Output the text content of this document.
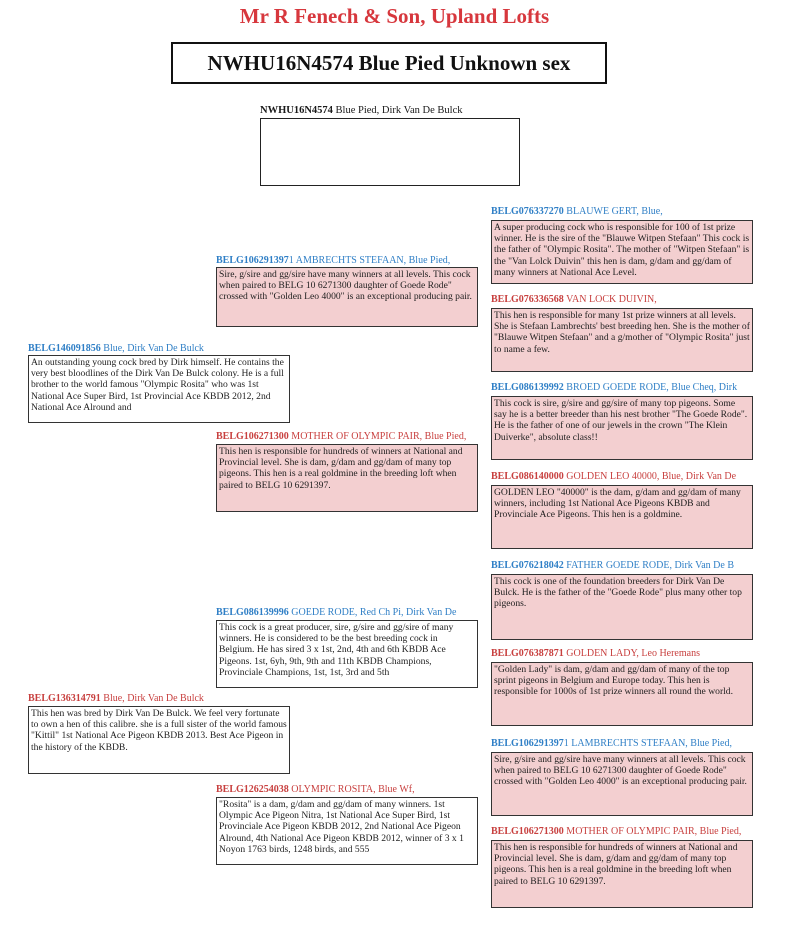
Mr R Fenech & Son, Upland Lofts
NWHU16N4574 Blue Pied Unknown sex
NWHU16N4574 Blue Pied, Dirk Van De Bulck
BELG146091856 Blue, Dirk Van De Bulck
An outstanding young cock bred by Dirk himself. He contains the very best bloodlines of the Dirk Van De Bulck colony. He is a full brother to the world famous "Olympic Rosita" who was 1st National Ace Super Bird, 1st Provincial Ace KBDB 2012, 2nd National Ace Alround and
BELG136314791 Blue, Dirk Van De Bulck
This hen was bred by Dirk Van De Bulck. We feel very fortunate to own a hen of this calibre. she is a full sister of the world famous "Kittil" 1st National Ace Pigeon KBDB 2013. Best Ace Pigeon in the history of the KBDB.
BELG1062913971 AMBRECHTS STEFAAN, Blue Pied,
Sire, g/sire and gg/sire have many winners at all levels. This cock when paired to BELG 10 6271300 daughter of Goede Rode" crossed with "Golden Leo 4000" is an exceptional producing pair.
BELG106271300 MOTHER OF OLYMPIC PAIR, Blue Pied,
This hen is responsible for hundreds of winners at National and Provincial level. She is dam, g/dam and gg/dam of many top pigeons. This hen is a real goldmine in the breeding loft when paired to BELG 10 6291397.
BELG086139996 GOEDE RODE, Red Ch Pi, Dirk Van De
This cock is a great producer, sire, g/sire and gg/sire of many winners. He is considered to be the best breeding cock in Belgium. He has sired 3 x 1st, 2nd, 4th and 6th KBDB Ace Pigeons. 1st, 6yh, 9th, 9th and 11th KBDB Champions, Provinciale Champions, 1st, 1st, 3rd and 5th
BELG126254038 OLYMPIC ROSITA, Blue Wf,
"Rosita" is a dam, g/dam and gg/dam of many winners. 1st Olympic Ace Pigeon Nitra, 1st National Ace Super Bird, 1st Provinciale Ace Pigeon KBDB 2012, 2nd National Ace Pigeon Alround, 4th National Ace Pigeon KBDB 2012, winner of 3 x 1 Noyon 1763 birds, 1248 birds, and 555
BELG076337270 BLAUWE GERT, Blue,
A super producing cock who is responsible for 100 of 1st prize winner. He is the sire of the "Blauwe Witpen Stefaan" This cock is the father of "Olympic Rosita". The mother of "Witpen Stefaan" is the "Van Lolck Duivin" this hen is dam, g/dam and gg/dam of many winners at National Ace Level.
BELG076336568 VAN LOCK DUIVIN,
This hen is responsible for many 1st prize winners at all levels. She is Stefaan Lambrechts' best breeding hen. She is the mother of "Blauwe Witpen Stefaan" and a g/mother of "Olympic Rosita" just to name a few.
BELG086139992 BROED GOEDE RODE, Blue Cheq, Dirk
This cock is sire, g/sire and gg/sire of many top pigeons. Some say he is a better breeder than his nest brother "The Goede Rode". He is the father of one of our jewels in the crown "The Klein Duiverke", absolute class!!
BELG086140000 GOLDEN LEO 40000, Blue, Dirk Van De
GOLDEN LEO "40000" is the dam, g/dam and gg/dam of many winners, including 1st National Ace Pigeons KBDB and Provinciale Ace Pigeons. This hen is a goldmine.
BELG076218042 FATHER GOEDE RODE, Dirk Van De B
This cock is one of the foundation breeders for Dirk Van De Bulck. He is the father of the "Goede Rode" plus many other top pigeons.
BELG076387871 GOLDEN LADY, Leo Heremans
"Golden Lady" is dam, g/dam and gg/dam of many of the top sprint pigeons in Belgium and Europe today. This hen is responsible for 1000s of 1st prize winners all round the world.
BELG1062913971 LAMBRECHTS STEFAAN, Blue Pied,
Sire, g/sire and gg/sire have many winners at all levels. This cock when paired to BELG 10 6271300 daughter of Goede Rode" crossed with "Golden Leo 4000" is an exceptional producing pair.
BELG106271300 MOTHER OF OLYMPIC PAIR, Blue Pied,
This hen is responsible for hundreds of winners at National and Provincial level. She is dam, g/dam and gg/dam of many top pigeons. This hen is a real goldmine in the breeding loft when paired to BELG 10 6291397.
